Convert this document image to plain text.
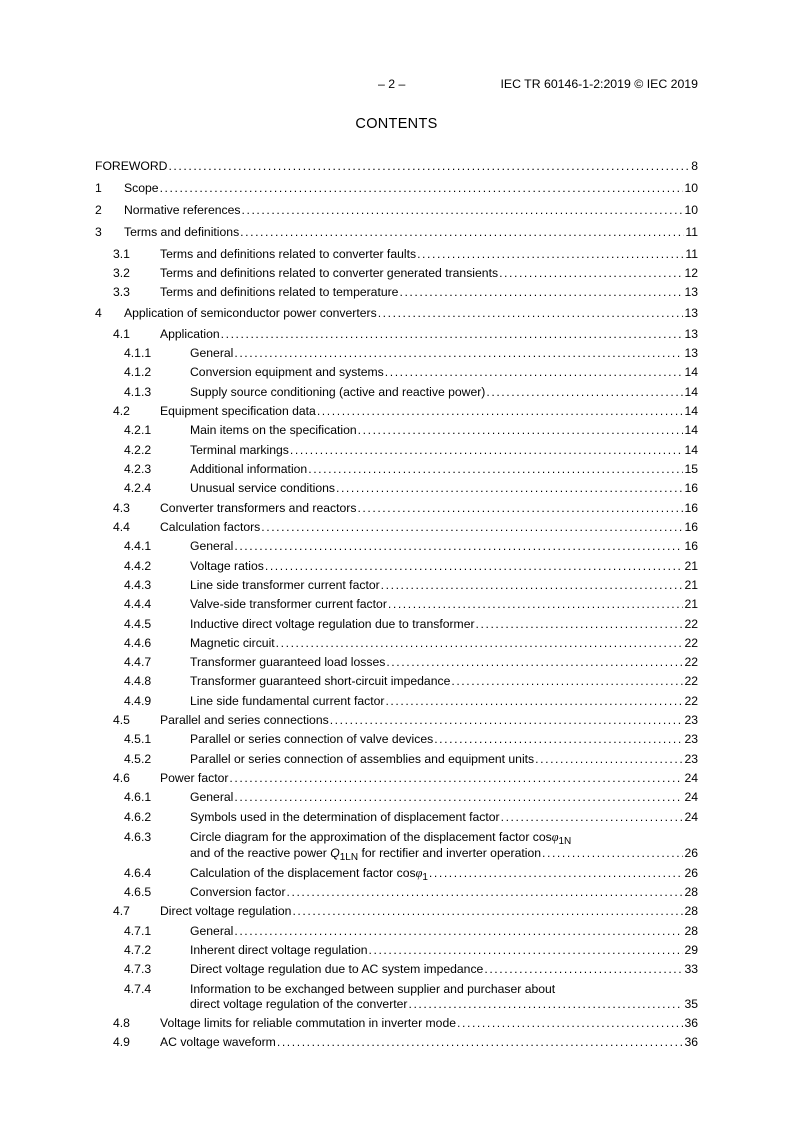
– 2 –	IEC TR 60146-1-2:2019 © IEC 2019
CONTENTS
FOREWORD . . .	8
1 Scope . . .	10
2 Normative references . . .	10
3 Terms and definitions . . .	11
3.1 Terms and definitions related to converter faults . . .	11
3.2 Terms and definitions related to converter generated transients . . .	12
3.3 Terms and definitions related to temperature . . .	13
4 Application of semiconductor power converters . . .	13
4.1 Application . . .	13
4.1.1	General . . .	13
4.1.2	Conversion equipment and systems . . .	14
4.1.3	Supply source conditioning (active and reactive power) . . .	14
4.2 Equipment specification data . . .	14
4.2.1	Main items on the specification . . .	14
4.2.2	Terminal markings . . .	14
4.2.3	Additional information . . .	15
4.2.4	Unusual service conditions . . .	16
4.3 Converter transformers and reactors . . .	16
4.4 Calculation factors . . .	16
4.4.1	General . . .	16
4.4.2	Voltage ratios . . .	21
4.4.3	Line side transformer current factor . . .	21
4.4.4	Valve-side transformer current factor . . .	21
4.4.5	Inductive direct voltage regulation due to transformer . . .	22
4.4.6	Magnetic circuit . . .	22
4.4.7	Transformer guaranteed load losses . . .	22
4.4.8	Transformer guaranteed short-circuit impedance . . .	22
4.4.9	Line side fundamental current factor . . .	22
4.5 Parallel and series connections . . .	23
4.5.1	Parallel or series connection of valve devices . . .	23
4.5.2	Parallel or series connection of assemblies and equipment units . . .	23
4.6 Power factor . . .	24
4.6.1	General . . .	24
4.6.2	Symbols used in the determination of displacement factor . . .	24
4.6.3	Circle diagram for the approximation of the displacement factor cosφ$_{1N}$
and of the reactive power $Q_{1LN}$ for rectifier and inverter operation . . .	26
4.6.4	Calculation of the displacement factor cosφ$_1$ . . .	26
4.6.5	Conversion factor . . .	28
4.7 Direct voltage regulation . . .	28
4.7.1	General . . .	28
4.7.2	Inherent direct voltage regulation . . .	29
4.7.3	Direct voltage regulation due to AC system impedance . . .	33
4.7.4	Information to be exchanged between supplier and purchaser about
direct voltage regulation of the converter . . .	35
4.8 Voltage limits for reliable commutation in inverter mode . . .	36
4.9 AC voltage waveform . . .	36
